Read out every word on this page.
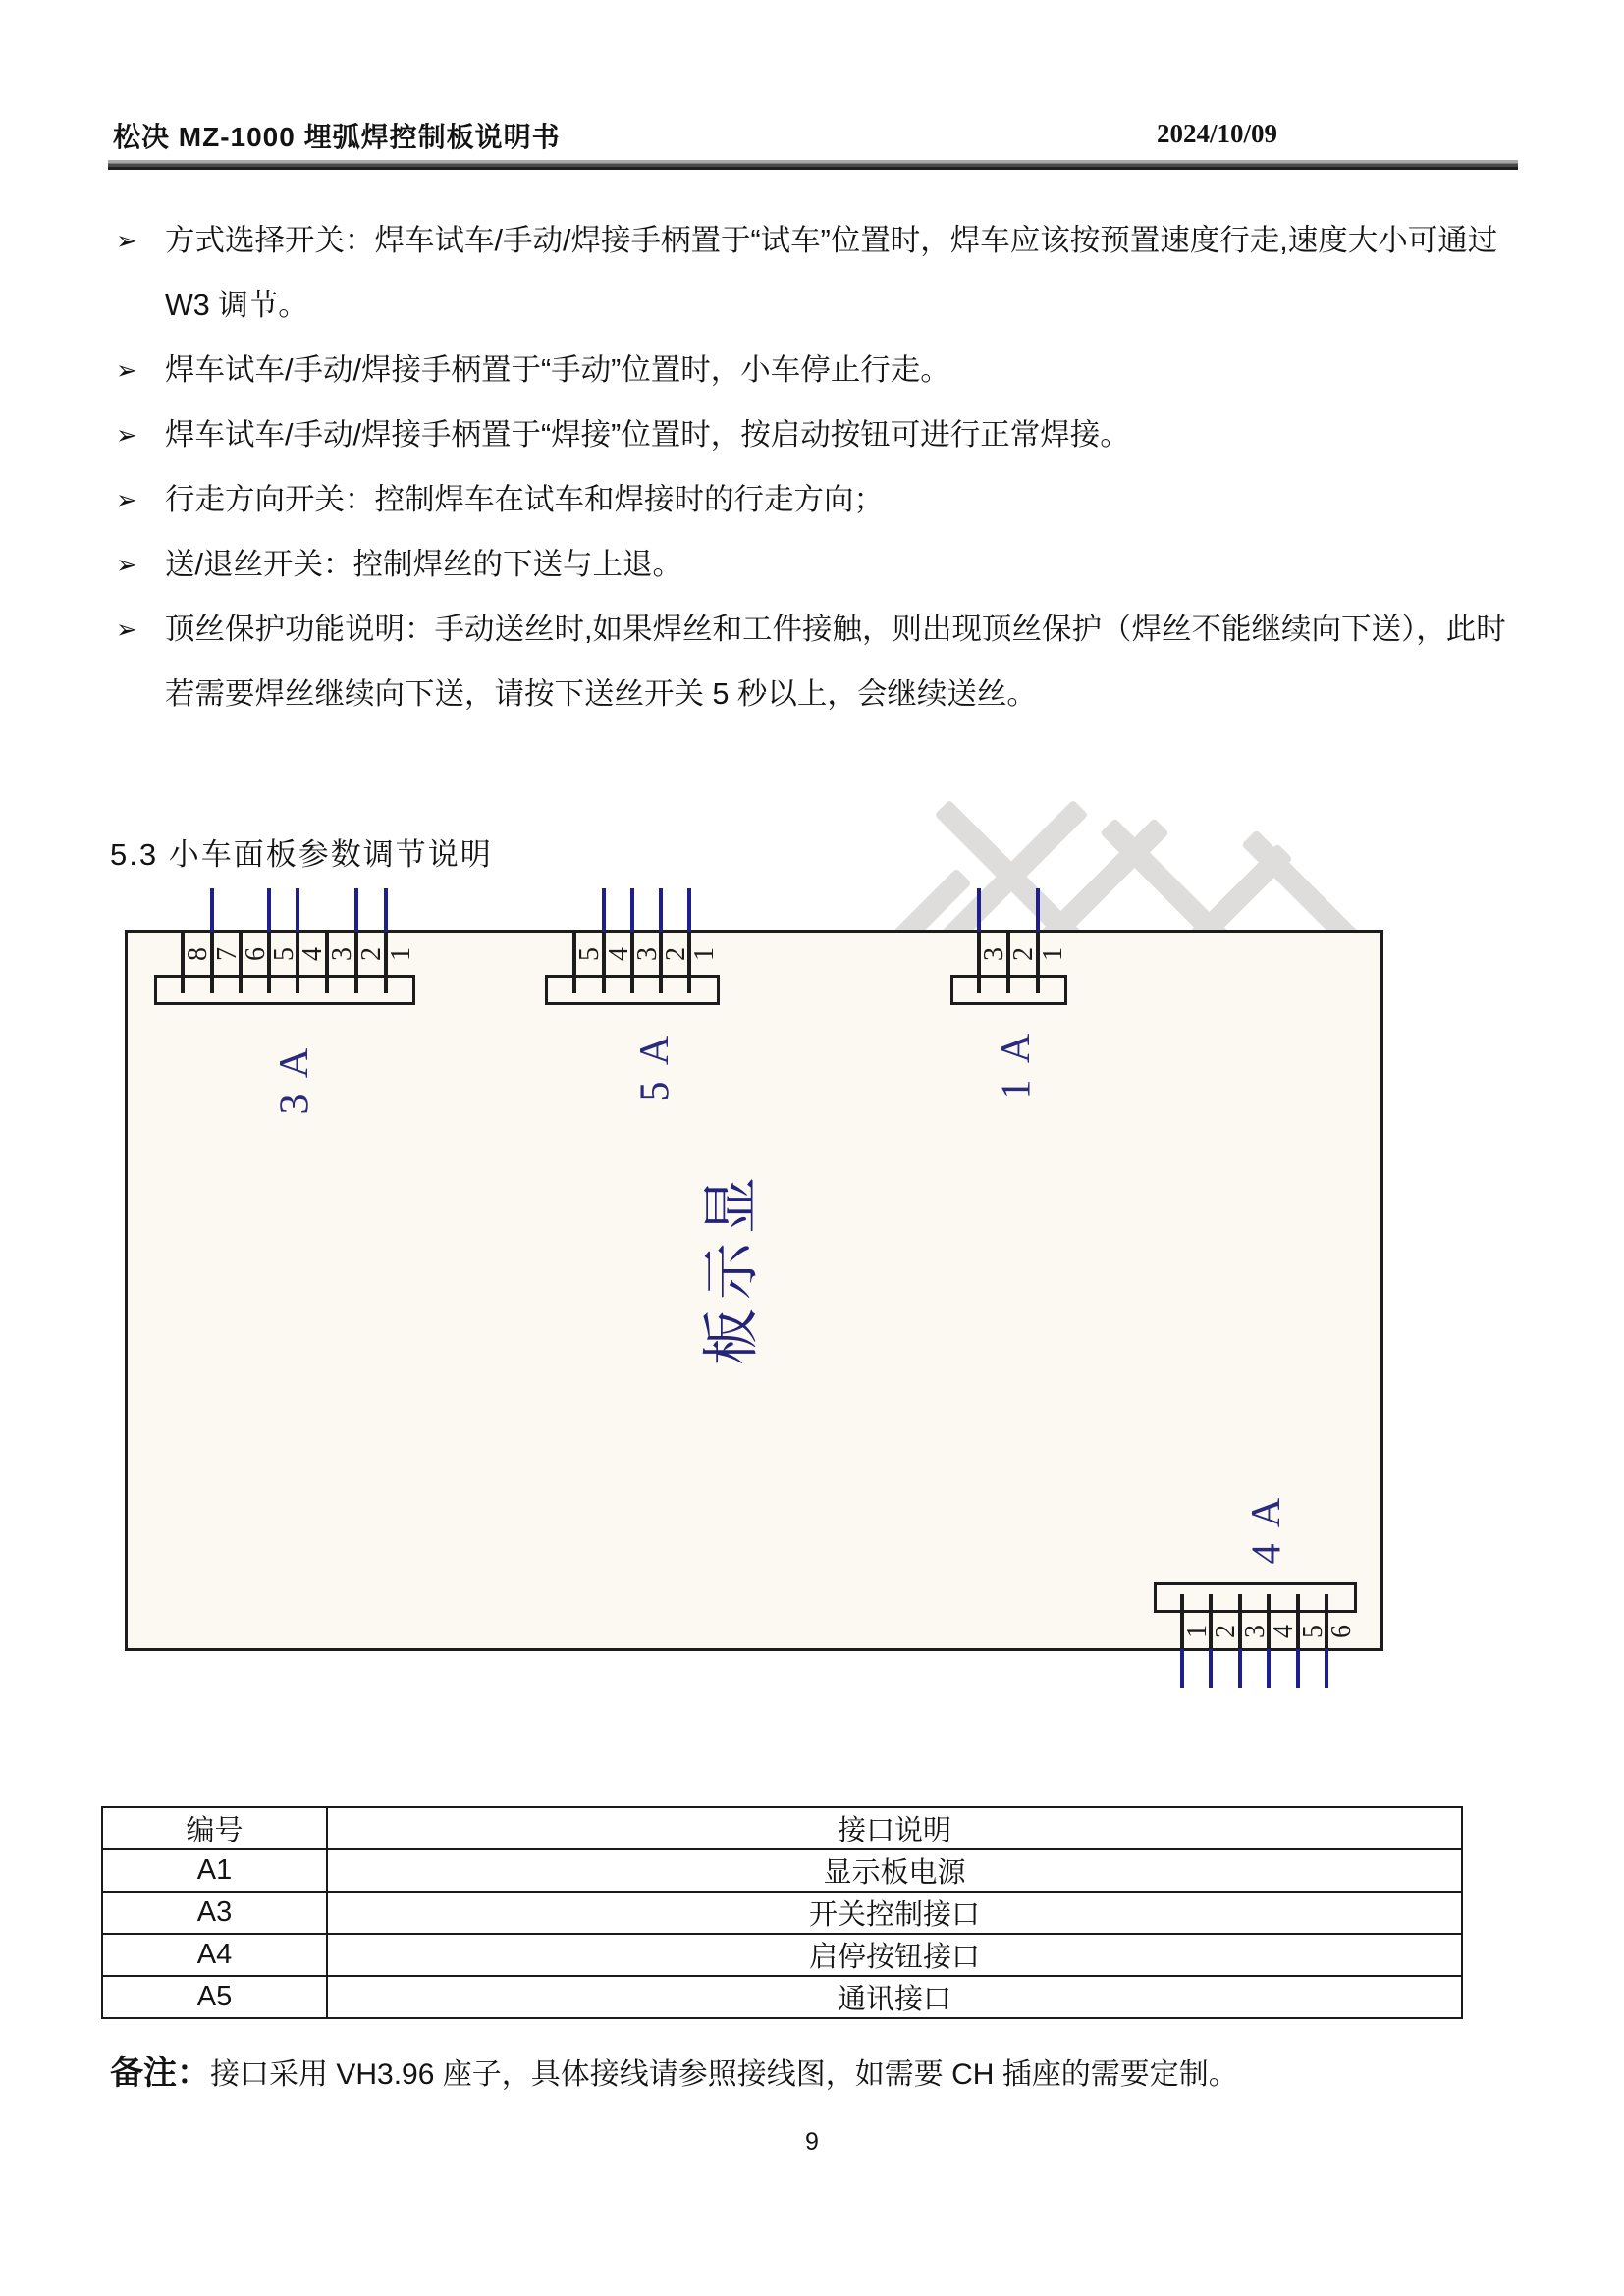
松决 MZ-1000 埋弧焊控制板说明书	2024/10/09
➢ 方式选择开关：焊车试车/手动/焊接手柄置于“试车”位置时，焊车应该按预置速度行走,速度大小可通过 W3 调节。
➢ 焊车试车/手动/焊接手柄置于“手动”位置时，小车停止行走。
➢ 焊车试车/手动/焊接手柄置于“焊接”位置时，按启动按钮可进行正常焊接。
➢ 行走方向开关：控制焊车在试车和焊接时的行走方向；
➢ 送/退丝开关：控制焊丝的下送与上退。
➢ 顶丝保护功能说明：手动送丝时,如果焊丝和工件接触，则出现顶丝保护（焊丝不能继续向下送），此时若需要焊丝继续向下送，请按下送丝开关 5 秒以上，会继续送丝。
5.3 小车面板参数调节说明
8 7
6
5
4 3 2 1
A
3
5 4
3
2
1
A
5
3 2 1
A
1
1
2 3
4 5
6
A
4
显
示
板
编号	接口说明
A1	显示板电源
A3	开关控制接口
A4	启停按钮接口
A5	通讯接口
备注：接口采用 VH3.96 座子，具体接线请参照接线图，如需要 CH 插座的需要定制。
9
